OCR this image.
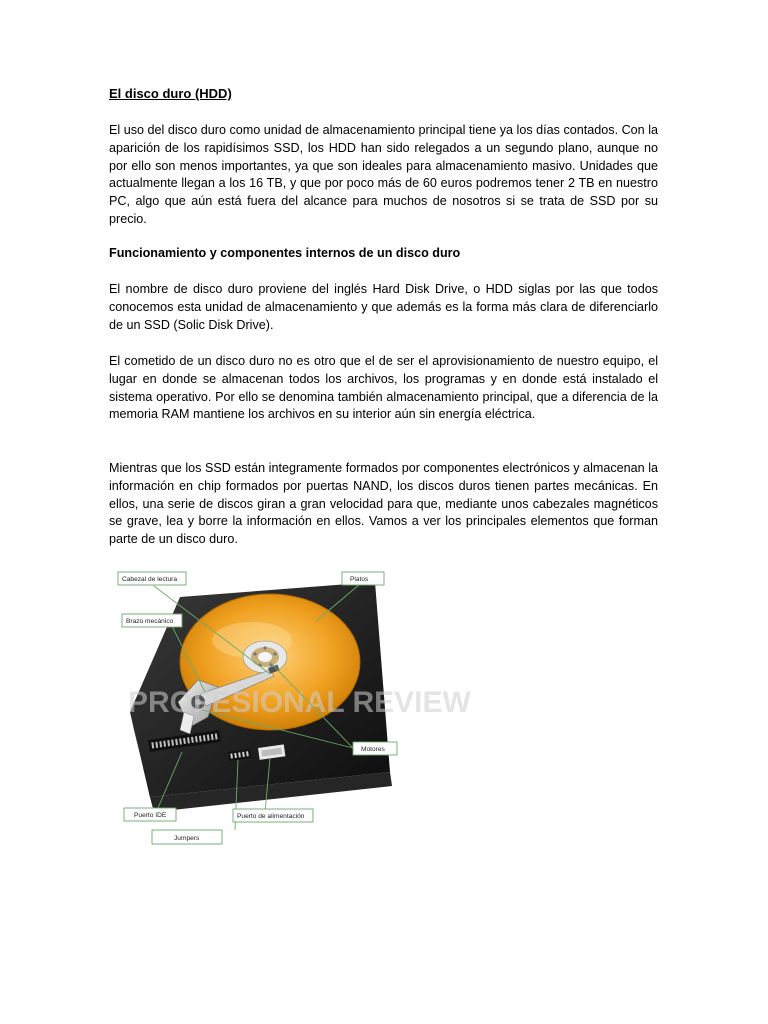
El disco duro (HDD)

El uso del disco duro como unidad de almacenamiento principal tiene ya los días contados. Con la aparición de los rapidísimos SSD, los HDD han sido relegados a un segundo plano, aunque no por ello son menos importantes, ya que son ideales para almacenamiento masivo. Unidades que actualmente llegan a los 16 TB, y que por poco más de 60 euros podremos tener 2 TB en nuestro PC, algo que aún está fuera del alcance para muchos de nosotros si se trata de SSD por su precio.

Funcionamiento y componentes internos de un disco duro

El nombre de disco duro proviene del inglés Hard Disk Drive, o HDD siglas por las que todos conocemos esta unidad de almacenamiento y que además es la forma más clara de diferenciarlo de un SSD (Solic Disk Drive).

El cometido de un disco duro no es otro que el de ser el aprovisionamiento de nuestro equipo, el lugar en donde se almacenan todos los archivos, los programas y en donde está instalado el sistema operativo. Por ello se denomina también almacenamiento principal, que a diferencia de la memoria RAM mantiene los archivos en su interior aún sin energía eléctrica.

Mientras que los SSD están integramente formados por componentes electrónicos y almacenan la información en chip formados por puertas NAND, los discos duros tienen partes mecánicas. En ellos, una serie de discos giran a gran velocidad para que, mediante unos cabezales magnéticos se grave, lea y borre la información en ellos. Vamos a ver los principales elementos que forman parte de un disco duro.

PROFESIONAL REVIEW
Cabezal de lectura	Platos
Brazo mecánico
Motores
Puerto IDE	Puerto de alimentación
Jumpers
